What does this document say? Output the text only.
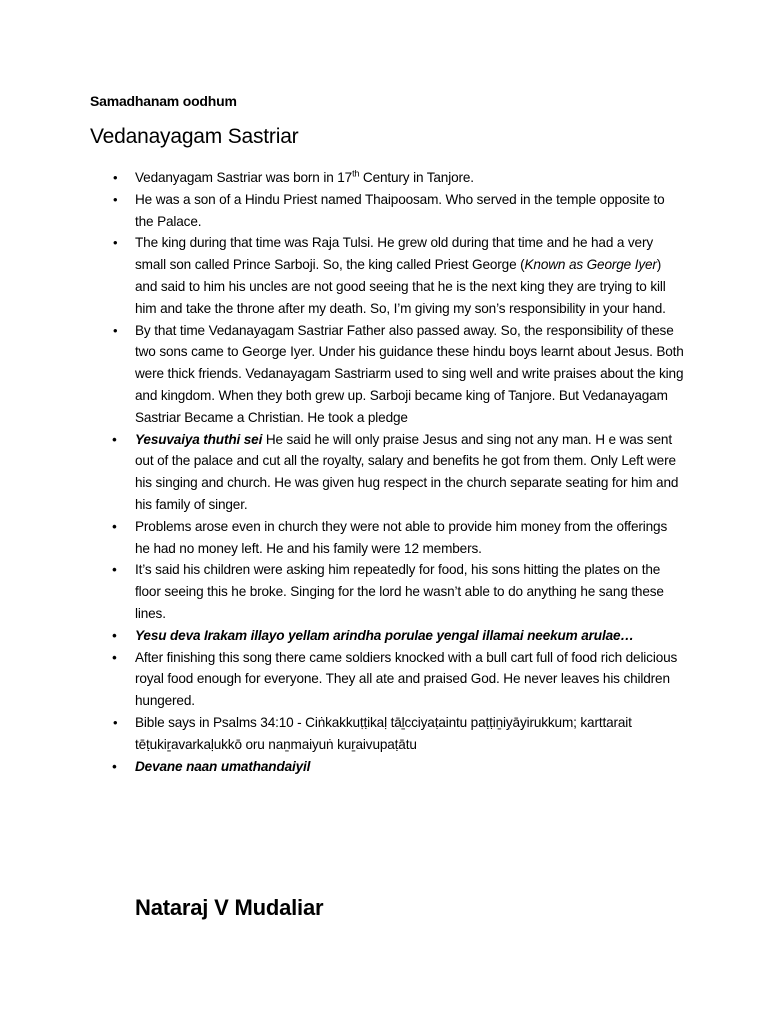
Samadhanam oodhum
Vedanayagam Sastriar
• Vedanyagam Sastriar was born in 17th Century in Tanjore.
• He was a son of a Hindu Priest named Thaipoosam. Who served in the temple opposite to the Palace.
• The king during that time was Raja Tulsi. He grew old during that time and he had a very small son called Prince Sarboji. So, the king called Priest George (Known as George Iyer) and said to him his uncles are not good seeing that he is the next king they are trying to kill him and take the throne after my death. So, I’m giving my son’s responsibility in your hand.
• By that time Vedanayagam Sastriar Father also passed away. So, the responsibility of these two sons came to George Iyer. Under his guidance these hindu boys learnt about Jesus. Both were thick friends. Vedanayagam Sastriarm used to sing well and write praises about the king and kingdom. When they both grew up. Sarboji became king of Tanjore. But Vedanayagam Sastriar Became a Christian. He took a pledge
• Yesuvaiya thuthi sei He said he will only praise Jesus and sing not any man. H e was sent out of the palace and cut all the royalty, salary and benefits he got from them. Only Left were his singing and church. He was given hug respect in the church separate seating for him and his family of singer.
• Problems arose even in church they were not able to provide him money from the offerings he had no money left. He and his family were 12 members.
• It’s said his children were asking him repeatedly for food, his sons hitting the plates on the floor seeing this he broke. Singing for the lord he wasn’t able to do anything he sang these lines.
• Yesu deva Irakam illayo yellam arindha porulae yengal illamai neekum arulae…
• After finishing this song there came soldiers knocked with a bull cart full of food rich delicious royal food enough for everyone. They all ate and praised God. He never leaves his children hungered.
• Bible says in Psalms 34:10 - Ciṅkakkuṭṭikaḷ tāḻcciyaṭaintu paṭṭiṉiyāyirukkum; karttarait tēṭukiṟavarkaḷukkō oru naṉmaiyuṅ kuṟaivupaṭātu
• Devane naan umathandaiyil
Nataraj V Mudaliar
